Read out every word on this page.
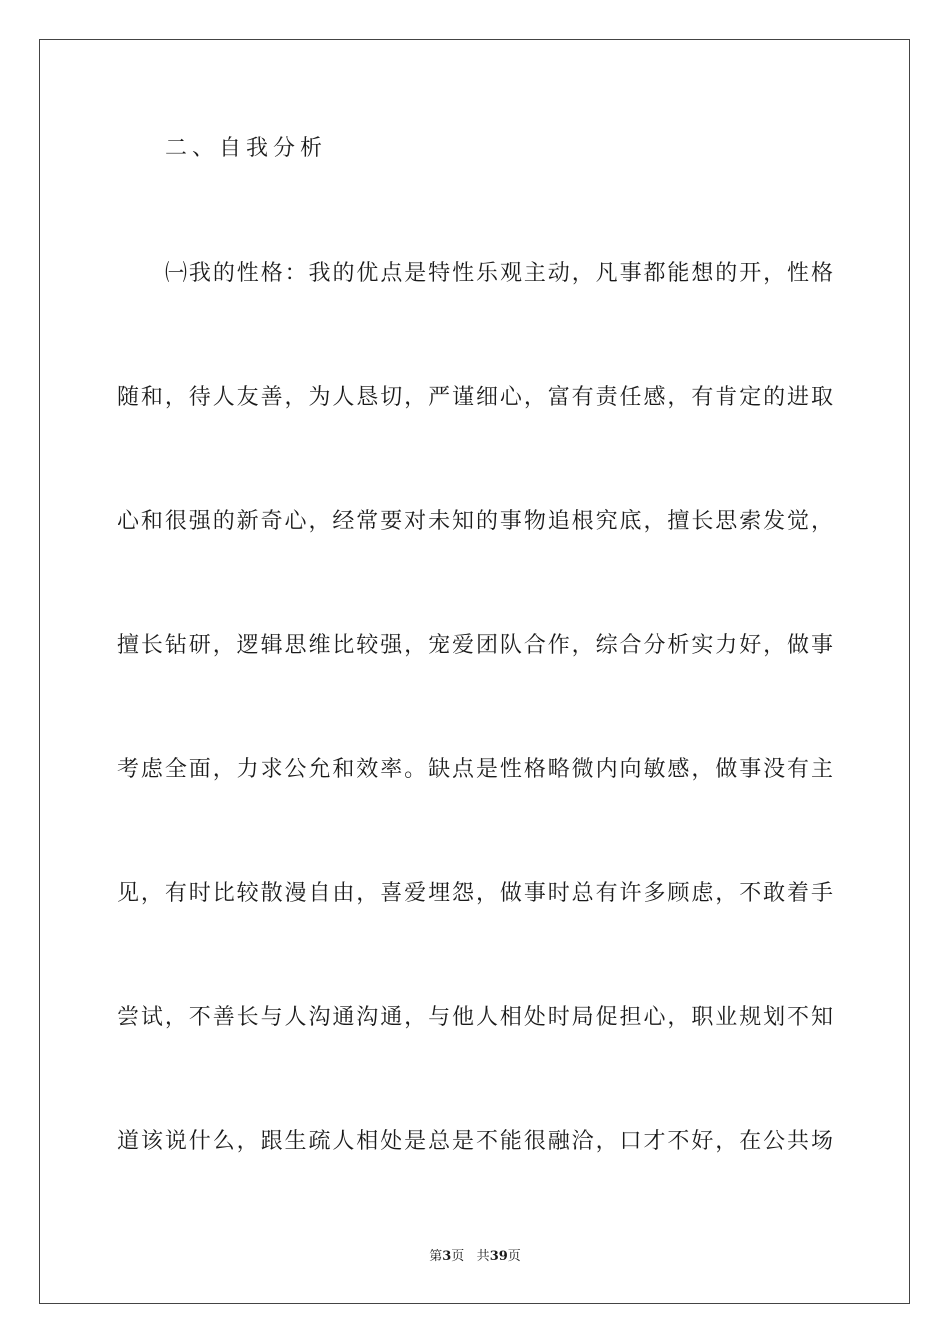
二、自我分析
㈠我的性格：我的优点是特性乐观主动，凡事都能想的开，性格
随和，待人友善，为人恳切，严谨细心，富有责任感，有肯定的进取
心和很强的新奇心，经常要对未知的事物追根究底，擅长思索发觉，
擅长钻研，逻辑思维比较强，宠爱团队合作，综合分析实力好，做事
考虑全面，力求公允和效率。缺点是性格略微内向敏感，做事没有主
见，有时比较散漫自由，喜爱埋怨，做事时总有许多顾虑，不敢着手
尝试，不善长与人沟通沟通，与他人相处时局促担心，职业规划不知
道该说什么，跟生疏人相处是总是不能很融洽，口才不好，在公共场
第3页 共39页
